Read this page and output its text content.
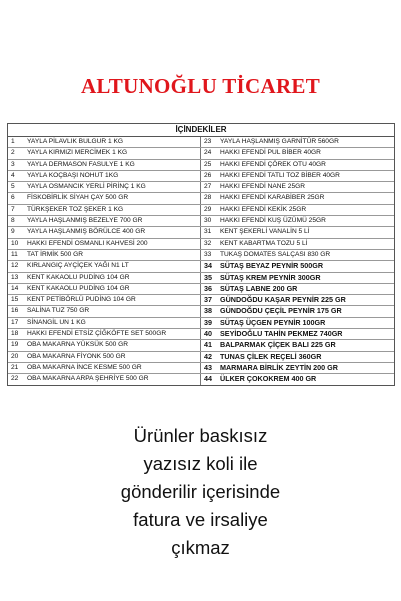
ALTUNOĞLU TİCARET
İÇİNDEKİLER
1	YAYLA PİLAVLIK BULGUR 1 KG	23	YAYLA HAŞLANMIŞ GARNİTÜR 560GR
2	YAYLA KIRMIZI MERCİMEK 1 KG	24	HAKKI EFENDİ PUL BİBER 40GR
3	YAYLA DERMASON FASULYE 1 KG	25	HAKKI EFENDİ ÇÖREK OTU 40GR
4	YAYLA KOÇBAŞI NOHUT 1KG	26	HAKKI EFENDİ TATLI TOZ BİBER 40GR
5	YAYLA OSMANCIK YERLİ PİRİNÇ 1 KG	27	HAKKI EFENDİ NANE 25GR
6	FİSKOBİRLİK SİYAH ÇAY 500 GR	28	HAKKI EFENDİ KARABİBER 25GR
7	TÜRKŞEKER TOZ ŞEKER 1 KG	29	HAKKI EFENDİ KEKİK 25GR
8	YAYLA HAŞLANMIŞ BEZELYE 700 GR	30	HAKKI EFENDİ KUŞ ÜZÜMÜ 25GR
9	YAYLA HAŞLANMIŞ BÖRÜLCE 400 GR	31	KENT ŞEKERLİ VANALİN 5 Lİ
10	HAKKI EFENDİ OSMANLI KAHVESİ 200	32	KENT KABARTMA TOZU 5 Lİ
11	TAT İRMİK 500 GR	33	TUKAŞ DOMATES SALÇASI 830 GR
12	KIRLANGIÇ AYÇİÇEK YAĞI N1 LT	34	SÜTAŞ BEYAZ PEYNİR 500GR
13	KENT KAKAOLU PUDİNG 104 GR	35	SÜTAŞ KREM PEYNİR 300GR
14	KENT KAKAOLU PUDİNG 104 GR	36	SÜTAŞ LABNE 200 GR
15	KENT PETİBÖRLÜ PUDİNG 104 GR	37	GÜNDOĞDU KAŞAR PEYNİR 225 GR
16	SALİNA TUZ 750 GR	38	GÜNDOĞDU ÇEÇİL PEYNİR 175 GR
17	SİNANGİL UN 1 KG	39	SÜTAŞ ÜÇGEN PEYNİR 100GR
18	HAKKI EFENDİ ETSİZ ÇİĞKÖFTE SET 500GR	40	SEYİDOĞLU TAHİN PEKMEZ 740GR
19	OBA MAKARNA YÜKSÜK 500 GR	41	BALPARMAK ÇİÇEK BALI 225 GR
20	OBA MAKARNA FİYONK 500 GR	42	TUNAS ÇİLEK REÇELİ 360GR
21	OBA MAKARNA İNCE KESME 500 GR	43	MARMARA BİRLİK ZEYTİN 200 GR
22	OBA MAKARNA ARPA ŞEHRİYE 500 GR	44	ÜLKER ÇOKOKREM 400 GR
Ürünler baskısız
yazısız koli ile
gönderilir içerisinde
fatura ve irsaliye
çıkmaz
